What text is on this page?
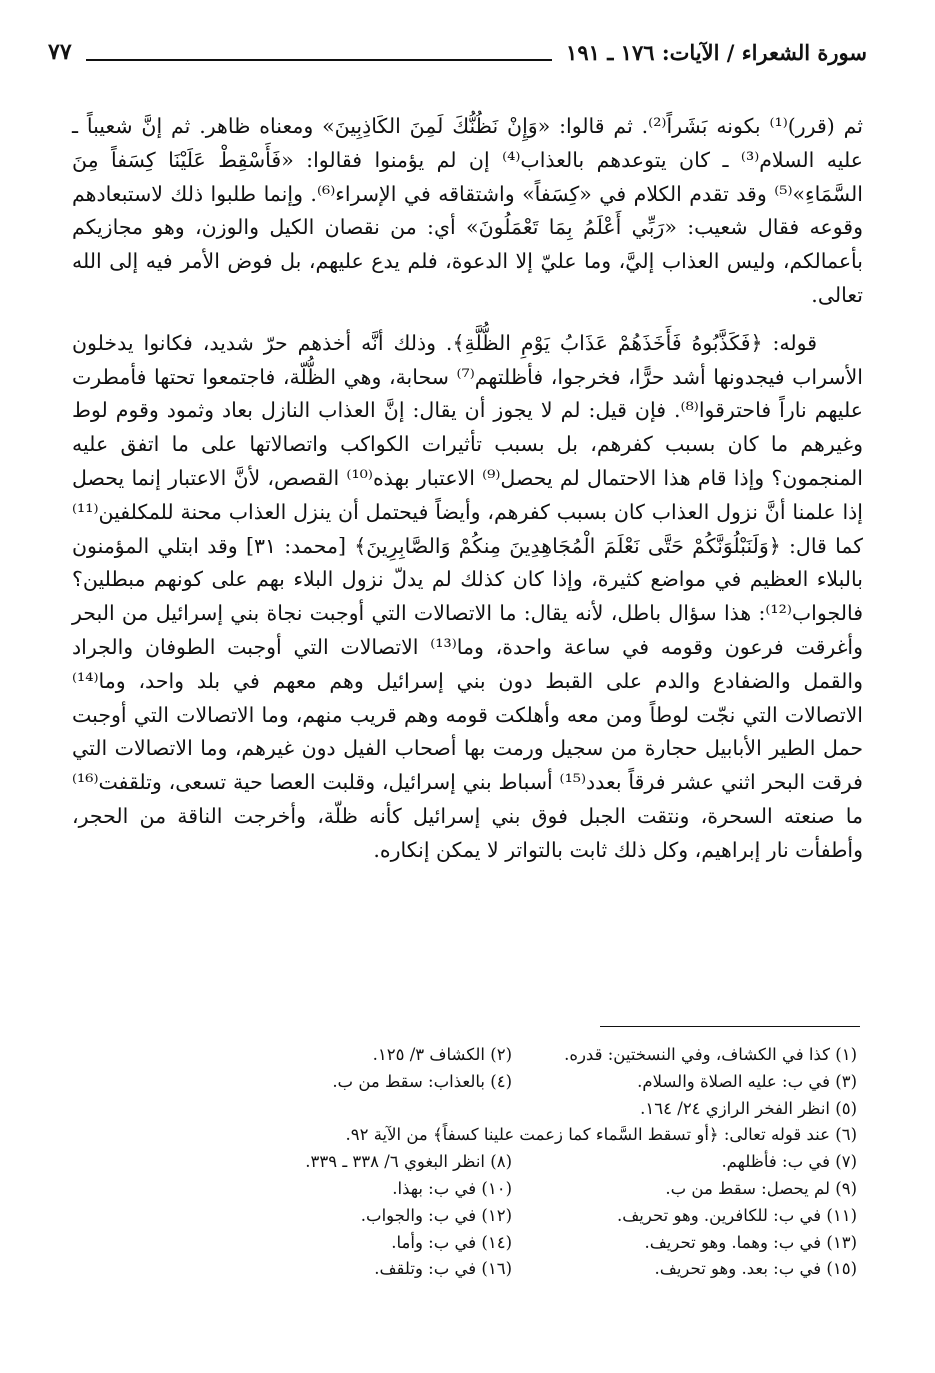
سورة الشعراء / الآيات: ١٧٦ ـ ١٩١
٧٧

ثم (قرر)⁽¹⁾ بكونه بَشَراً⁽²⁾. ثم قالوا: «وَإِنْ نَظُنُّكَ لَمِنَ الكَاذِبِينَ» ومعناه ظاهر. ثم إنَّ شعيباً ـ عليه السلام⁽³⁾ ـ كان يتوعدهم بالعذاب⁽⁴⁾ إن لم يؤمنوا فقالوا: «فَأَسْقِطْ عَلَيْنَا كِسَفاً مِنَ السَّمَاءِ»⁽⁵⁾ وقد تقدم الكلام في «كِسَفاً» واشتقاقه في الإسراء⁽⁶⁾. وإنما طلبوا ذلك لاستبعادهم وقوعه فقال شعيب: «رَبِّي أَعْلَمُ بِمَا تَعْمَلُونَ» أي: من نقصان الكيل والوزن، وهو مجازيكم بأعمالكم، وليس العذاب إليَّ، وما عليّ إلا الدعوة، فلم يدع عليهم، بل فوض الأمر فيه إلى الله تعالى.

قوله: ﴿فَكَذَّبُوهُ فَأَخَذَهُمْ عَذَابُ يَوْمِ الظُّلَّةِ﴾. وذلك أنَّه أخذهم حرّ شديد، فكانوا يدخلون الأسراب فيجدونها أشد حرًّا، فخرجوا، فأظلتهم⁽⁷⁾ سحابة، وهي الظُّلّة، فاجتمعوا تحتها فأمطرت عليهم ناراً فاحترقوا⁽⁸⁾. فإن قيل: لم لا يجوز أن يقال: إنَّ العذاب النازل بعاد وثمود وقوم لوط وغيرهم ما كان بسبب كفرهم، بل بسبب تأثيرات الكواكب واتصالاتها على ما اتفق عليه المنجمون؟ وإذا قام هذا الاحتمال لم يحصل⁽⁹⁾ الاعتبار بهذه⁽¹⁰⁾ القصص، لأنَّ الاعتبار إنما يحصل إذا علمنا أنَّ نزول العذاب كان بسبب كفرهم، وأيضاً فيحتمل أن ينزل العذاب محنة للمكلفين⁽¹¹⁾ كما قال: ﴿وَلَنَبْلُوَنَّكُمْ حَتَّى نَعْلَمَ الْمُجَاهِدِينَ مِنكُمْ وَالصَّابِرِينَ﴾ [محمد: ٣١] وقد ابتلي المؤمنون بالبلاء العظيم في مواضع كثيرة، وإذا كان كذلك لم يدلّ نزول البلاء بهم على كونهم مبطلين؟ فالجواب⁽¹²⁾: هذا سؤال باطل، لأنه يقال: ما الاتصالات التي أوجبت نجاة بني إسرائيل من البحر وأغرقت فرعون وقومه في ساعة واحدة، وما⁽¹³⁾ الاتصالات التي أوجبت الطوفان والجراد والقمل والضفادع والدم على القبط دون بني إسرائيل وهم معهم في بلد واحد، وما⁽¹⁴⁾ الاتصالات التي نجّت لوطاً ومن معه وأهلكت قومه وهم قريب منهم، وما الاتصالات التي أوجبت حمل الطير الأبابيل حجارة من سجيل ورمت بها أصحاب الفيل دون غيرهم، وما الاتصالات التي فرقت البحر اثني عشر فرقاً بعدد⁽¹⁵⁾ أسباط بني إسرائيل، وقلبت العصا حية تسعى، وتلقفت⁽¹⁶⁾ ما صنعته السحرة، ونتقت الجبل فوق بني إسرائيل كأنه ظلّة، وأخرجت الناقة من الحجر، وأطفأت نار إبراهيم، وكل ذلك ثابت بالتواتر لا يمكن إنكاره.

(١) كذا في الكشاف، وفي النسختين: قدره.
(٢) الكشاف ٣/ ١٢٥.
(٣) في ب: عليه الصلاة والسلام.
(٤) بالعذاب: سقط من ب.
(٥) انظر الفخر الرازي ٢٤/ ١٦٤.
(٦) عند قوله تعالى: ﴿أو تسقط السَّماء كما زعمت علينا كسفاً﴾ من الآية ٩٢.
(٧) في ب: فأظلهم.
(٨) انظر البغوي ٦/ ٣٣٨ ـ ٣٣٩.
(٩) لم يحصل: سقط من ب.
(١٠) في ب: بهذا.
(١١) في ب: للكافرين. وهو تحريف.
(١٢) في ب: والجواب.
(١٣) في ب: وهما. وهو تحريف.
(١٤) في ب: وأما.
(١٥) في ب: بعد. وهو تحريف.
(١٦) في ب: وتلقف.
